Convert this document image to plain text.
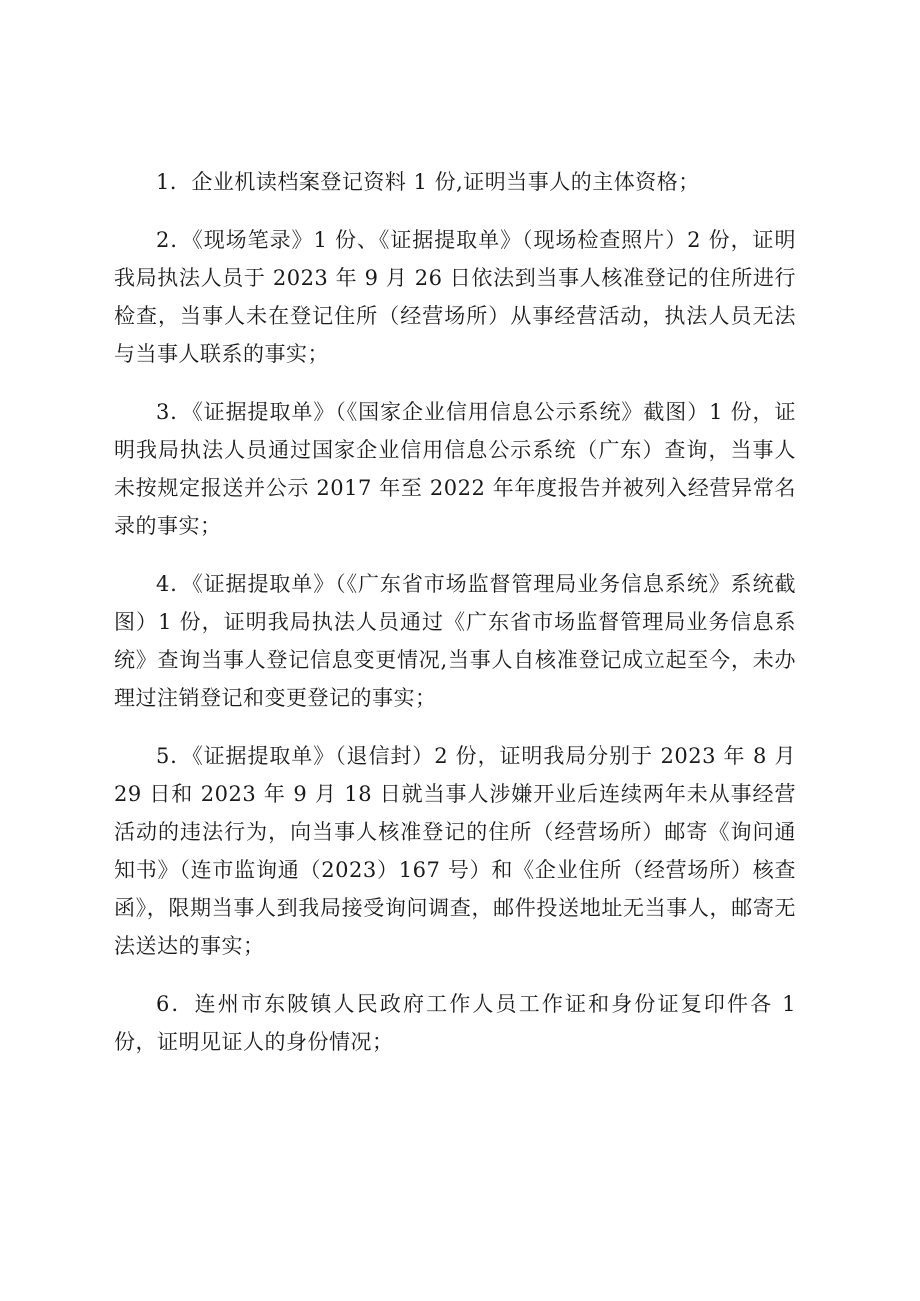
1．企业机读档案登记资料 1 份,证明当事人的主体资格；

2．《现场笔录》1 份、《证据提取单》（现场检查照片）2 份，证明我局执法人员于 2023 年 9 月 26 日依法到当事人核准登记的住所进行检查，当事人未在登记住所（经营场所）从事经营活动，执法人员无法与当事人联系的事实；

3．《证据提取单》（《国家企业信用信息公示系统》截图）1 份，证明我局执法人员通过国家企业信用信息公示系统（广东）查询，当事人未按规定报送并公示 2017 年至 2022 年年度报告并被列入经营异常名录的事实；

4．《证据提取单》（《广东省市场监督管理局业务信息系统》系统截图）1 份，证明我局执法人员通过《广东省市场监督管理局业务信息系统》查询当事人登记信息变更情况,当事人自核准登记成立起至今，未办理过注销登记和变更登记的事实；

5．《证据提取单》（退信封）2 份，证明我局分别于 2023 年 8 月 29 日和 2023 年 9 月 18 日就当事人涉嫌开业后连续两年未从事经营活动的违法行为，向当事人核准登记的住所（经营场所）邮寄《询问通知书》（连市监询通（2023）167 号）和《企业住所（经营场所）核查函》，限期当事人到我局接受询问调查，邮件投送地址无当事人，邮寄无法送达的事实；

6．连州市东陂镇人民政府工作人员工作证和身份证复印件各 1 份，证明见证人的身份情况；
